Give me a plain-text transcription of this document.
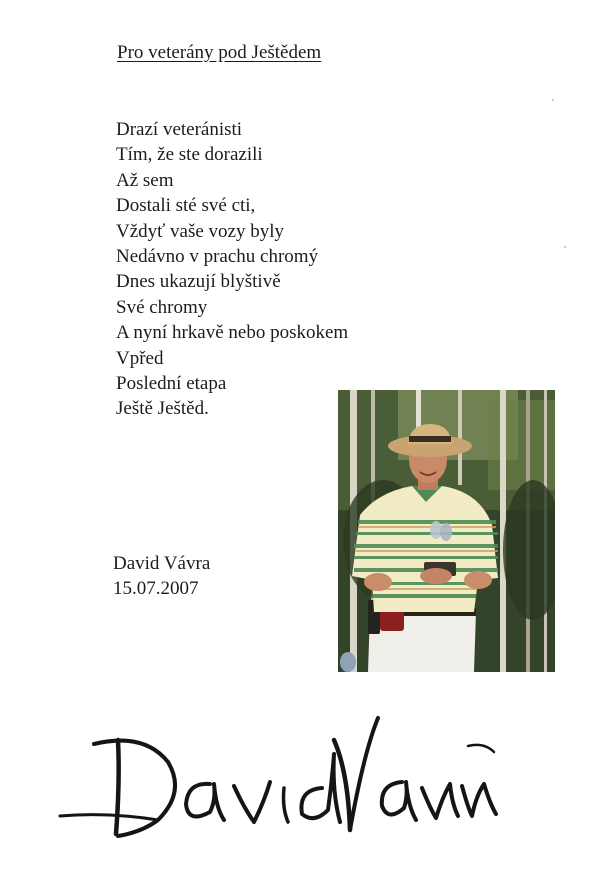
Pro veterány pod Ještědem
Drazí veteránisti
Tím, že ste dorazili
Až sem
Dostali sté své cti,
Vždyť vaše vozy byly
Nedávno v prachu chromý
Dnes ukazují blyštivě
Své chromy
A nyní hrkavě nebo poskokem
Vpřed
Poslední etapa
Ještě Ještěd.
David Vávra
15.07.2007
